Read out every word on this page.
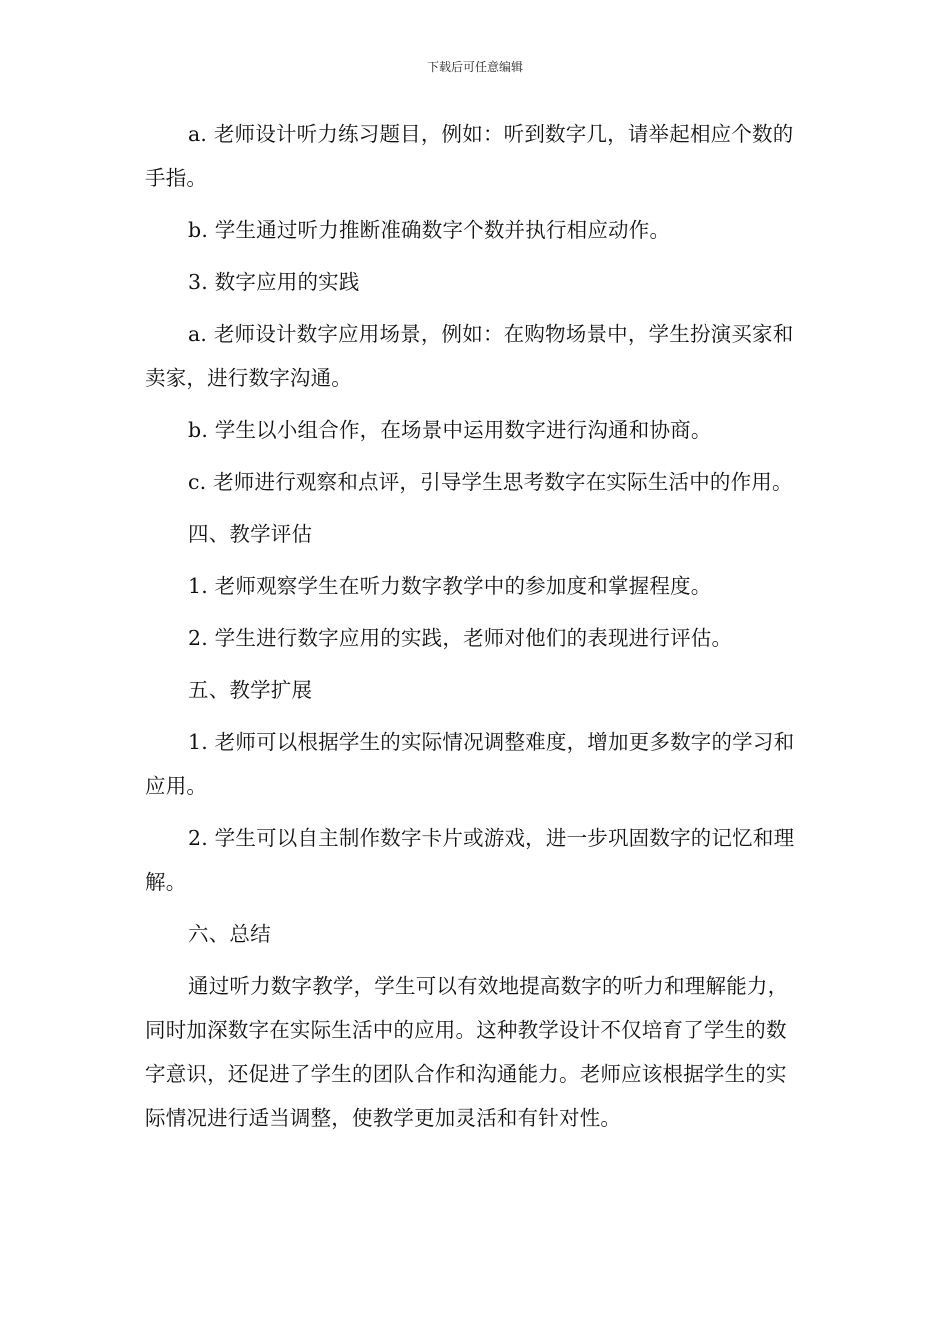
下载后可任意编辑

a. 老师设计听力练习题目，例如：听到数字几，请举起相应个数的手指。

b. 学生通过听力推断准确数字个数并执行相应动作。

3. 数字应用的实践

a. 老师设计数字应用场景，例如：在购物场景中，学生扮演买家和卖家，进行数字沟通。

b. 学生以小组合作，在场景中运用数字进行沟通和协商。

c. 老师进行观察和点评，引导学生思考数字在实际生活中的作用。

四、教学评估

1. 老师观察学生在听力数字教学中的参加度和掌握程度。

2. 学生进行数字应用的实践，老师对他们的表现进行评估。

五、教学扩展

1. 老师可以根据学生的实际情况调整难度，增加更多数字的学习和应用。

2. 学生可以自主制作数字卡片或游戏，进一步巩固数字的记忆和理解。

六、总结

通过听力数字教学，学生可以有效地提高数字的听力和理解能力，同时加深数字在实际生活中的应用。这种教学设计不仅培育了学生的数字意识，还促进了学生的团队合作和沟通能力。老师应该根据学生的实际情况进行适当调整，使教学更加灵活和有针对性。
